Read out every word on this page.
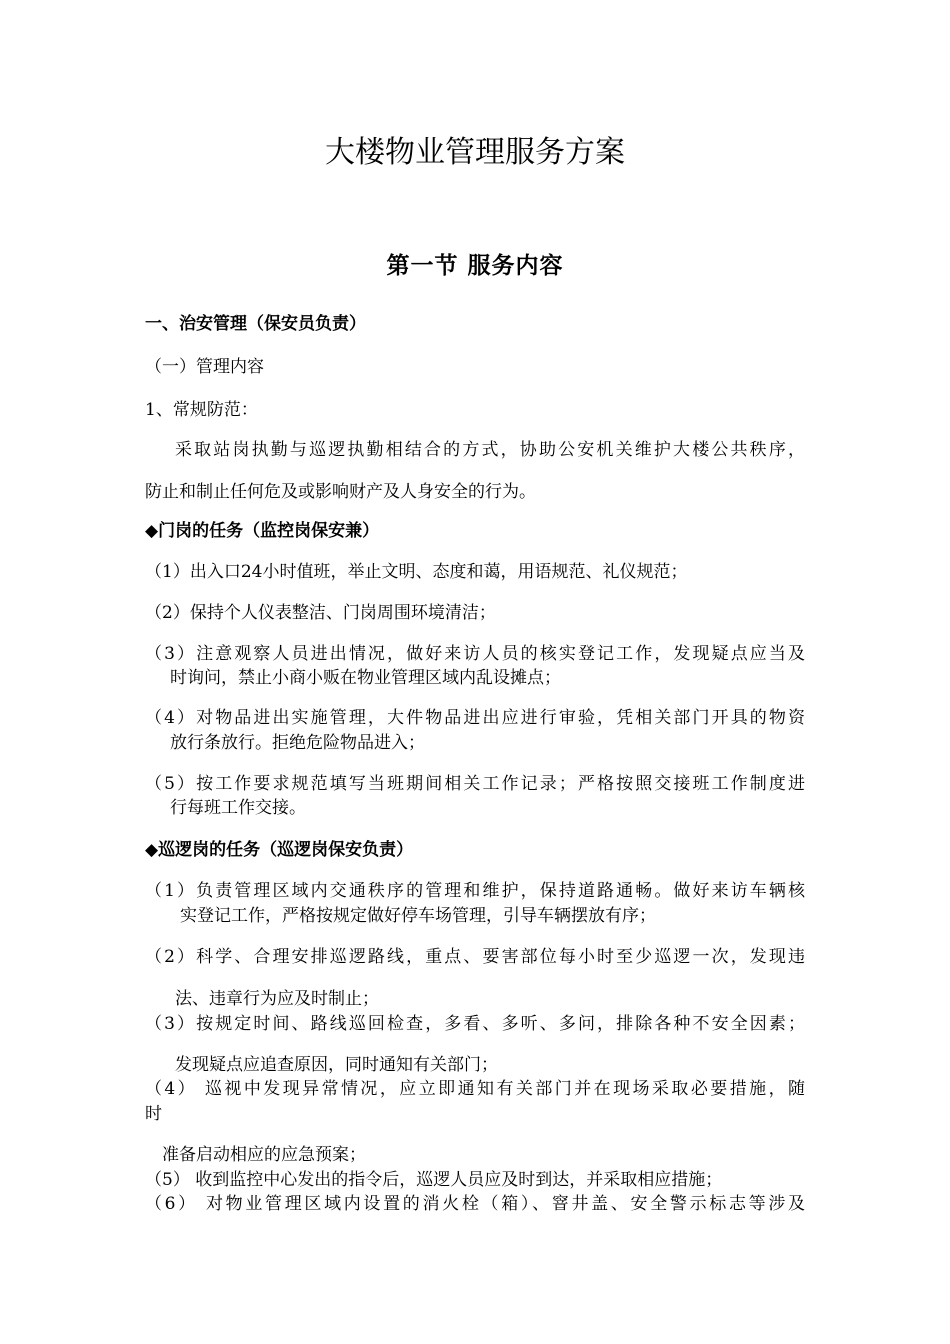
大楼物业管理服务方案
第一节 服务内容
一、治安管理（保安员负责）
（一）管理内容
1、常规防范：
采取站岗执勤与巡逻执勤相结合的方式，协助公安机关维护大楼公共秩序，
防止和制止任何危及或影响财产及人身安全的行为。
◆门岗的任务（监控岗保安兼）
（1）出入口24小时值班，举止文明、态度和蔼，用语规范、礼仪规范；
（2）保持个人仪表整洁、门岗周围环境清洁；
（3）注意观察人员进出情况，做好来访人员的核实登记工作，发现疑点应当及
时询问，禁止小商小贩在物业管理区域内乱设摊点；
（4）对物品进出实施管理，大件物品进出应进行审验，凭相关部门开具的物资
放行条放行。拒绝危险物品进入；
（5）按工作要求规范填写当班期间相关工作记录；严格按照交接班工作制度进
行每班工作交接。
◆巡逻岗的任务（巡逻岗保安负责）
（1）负责管理区域内交通秩序的管理和维护，保持道路通畅。做好来访车辆核
实登记工作，严格按规定做好停车场管理，引导车辆摆放有序；
（2）科学、合理安排巡逻路线，重点、要害部位每小时至少巡逻一次，发现违
法、违章行为应及时制止；
（3）按规定时间、路线巡回检查，多看、多听、多问，排除各种不安全因素；
发现疑点应追查原因，同时通知有关部门；
（4） 巡视中发现异常情况，应立即通知有关部门并在现场采取必要措施，随
时
准备启动相应的应急预案；
（5） 收到监控中心发出的指令后，巡逻人员应及时到达，并采取相应措施；
（6） 对物业管理区域内设置的消火栓（箱）、窨井盖、安全警示标志等涉及
